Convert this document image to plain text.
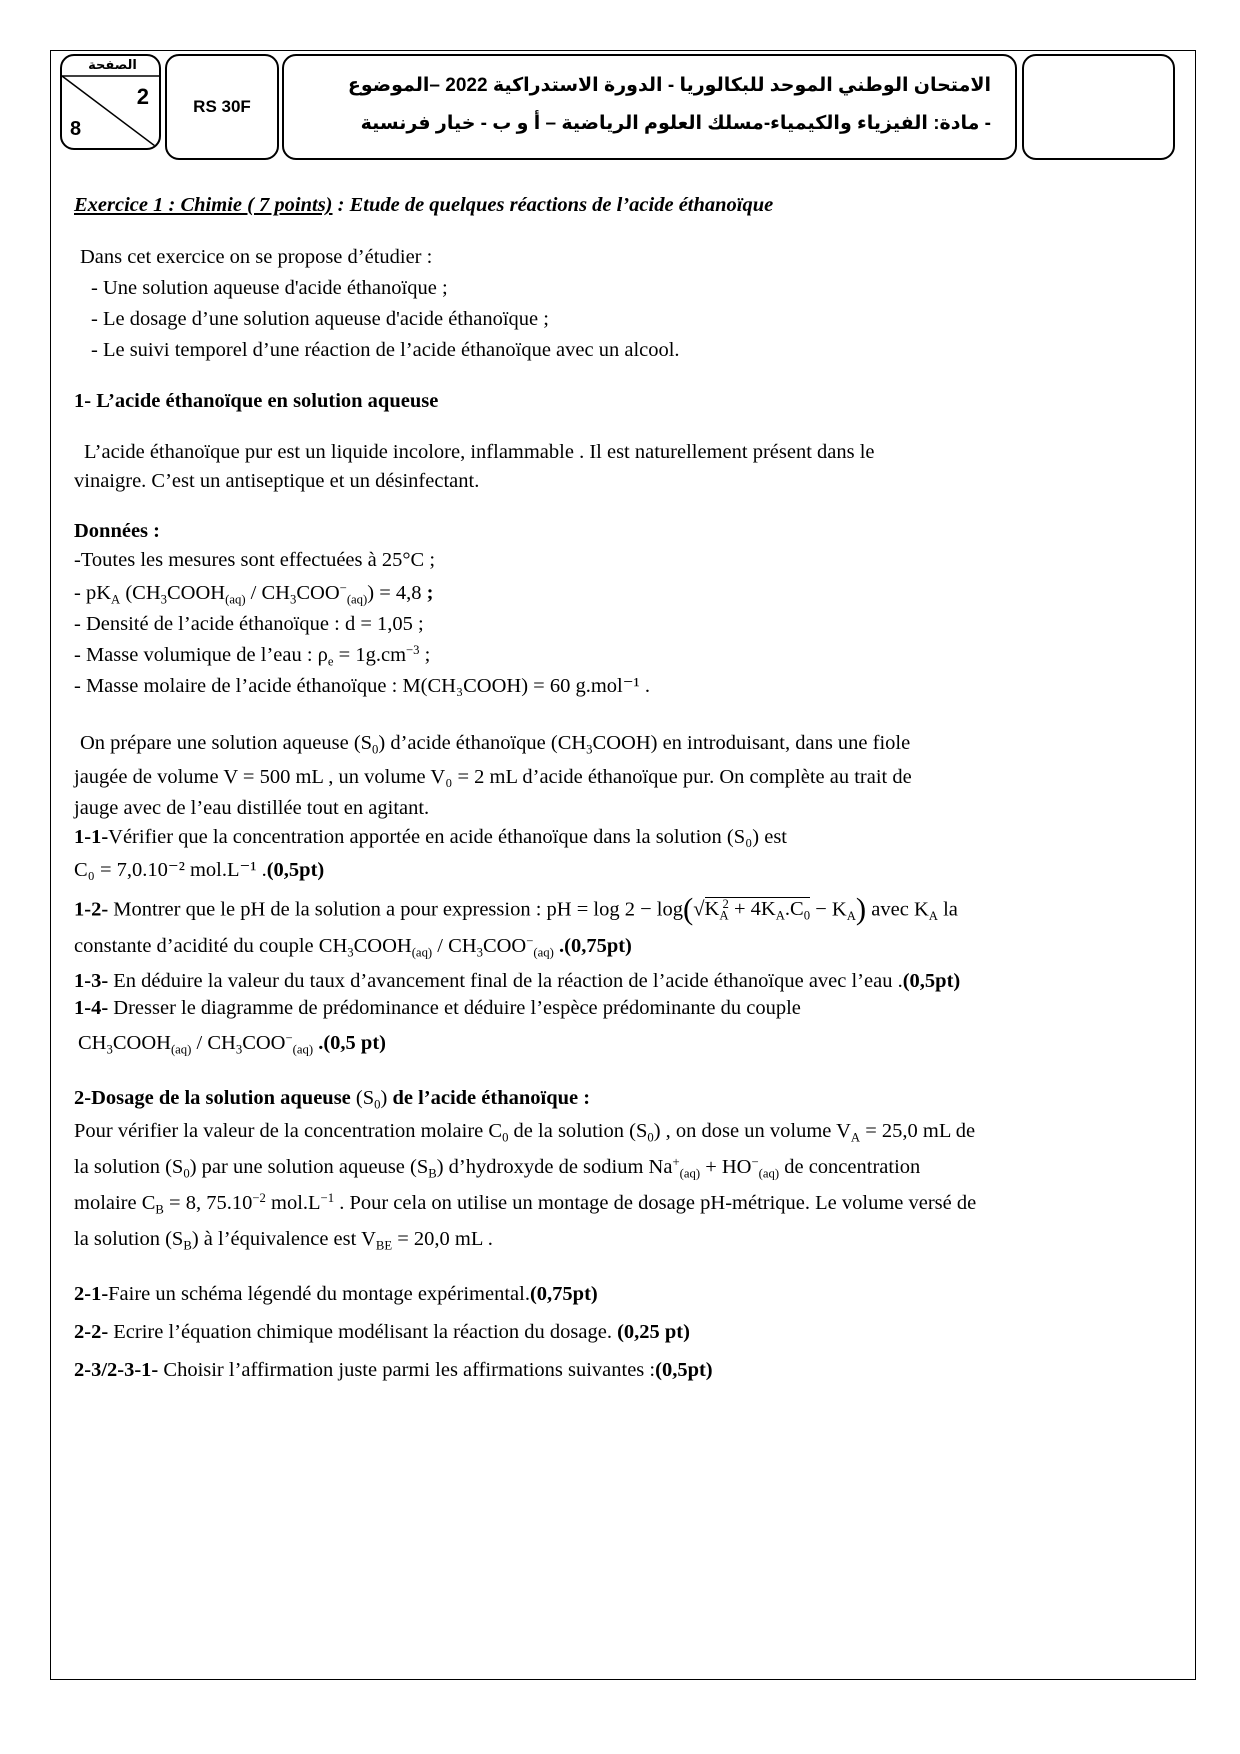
الصفحة
2
8
RS 30F
الامتحان الوطني الموحد للبكالوريا - الدورة الاستدراكية 2022 –الموضوع
- مادة: الفيزياء والكيمياء-مسلك العلوم الرياضية – أ و ب - خيار فرنسية

Exercice 1 : Chimie ( 7 points) : Etude de quelques réactions de l’acide éthanoïque

Dans cet exercice on se propose d’étudier :

- Une solution aqueuse d'acide éthanoïque ;

- Le dosage d’une solution aqueuse d'acide éthanoïque ;

- Le suivi temporel d’une réaction de l’acide éthanoïque avec un alcool.

1- L’acide éthanoïque en solution aqueuse

L’acide éthanoïque pur est un liquide incolore, inflammable . Il est naturellement présent dans le

vinaigre. C’est un antiseptique et un désinfectant.

Données :

-Toutes les mesures sont effectuées à 25°C ;

- $pK_A$ $(CH_3COOH_{(aq)} / CH_3COO^-_{(aq)}) = 4,8$ ;

- Densité de l’acide éthanoïque : d = 1,05 ;

- Masse volumique de l’eau : $\rho_e = 1g.cm^{-3}$ ;

- Masse molaire de l’acide éthanoïque : M(CH₃COOH) = 60 g.mol⁻¹ .

On prépare une solution aqueuse $(S_0)$ d’acide éthanoïque $(CH_3COOH)$ en introduisant, dans une fiole

jaugée de volume V = 500 mL , un volume V₀ = 2 mL d’acide éthanoïque pur. On complète au trait de

jauge avec de l’eau distillée tout en agitant.

1-1-Vérifier que la concentration apportée en acide éthanoïque dans la solution (S₀) est

C₀ = 7,0.10⁻² mol.L⁻¹ .(0,5pt)

1-2- Montrer que le pH de la solution a pour expression : pH = $\log 2 - \log(√K_A^2 + 4K_A.C_0 - K_A)$ avec $K_A$ la

constante d’acidité du couple $CH_3COOH_{(aq)} / CH_3COO^-_{(aq)}$ .(0,75pt)

1-3- En déduire la valeur du taux d’avancement final de la réaction de l’acide éthanoïque avec l’eau .(0,5pt)

1-4- Dresser le diagramme de prédominance et déduire l’espèce prédominante du couple

$CH_3COOH_{(aq)} / CH_3COO^-_{(aq)}$ .(0,5 pt)

2-Dosage de la solution aqueuse $(S_0)$ de l’acide éthanoïque :

Pour vérifier la valeur de la concentration molaire $C_0$ de la solution $(S_0)$ , on dose un volume $V_A = 25,0$ mL de

la solution $(S_0)$ par une solution aqueuse $(S_B)$ d’hydroxyde de sodium $Na^+_{(aq)} + HO^-_{(aq)}$ de concentration

molaire $C_B = 8$, $75.10^{-2}$ $mol.L^{-1}$ . Pour cela on utilise un montage de dosage pH-métrique. Le volume versé de

la solution $(S_B)$ à l’équivalence est $V_{BE} = 20,0$ mL .

2-1-Faire un schéma légendé du montage expérimental.(0,75pt)

2-2- Ecrire l’équation chimique modélisant la réaction du dosage. (0,25 pt)

2-3/2-3-1- Choisir l’affirmation juste parmi les affirmations suivantes :(0,5pt)
